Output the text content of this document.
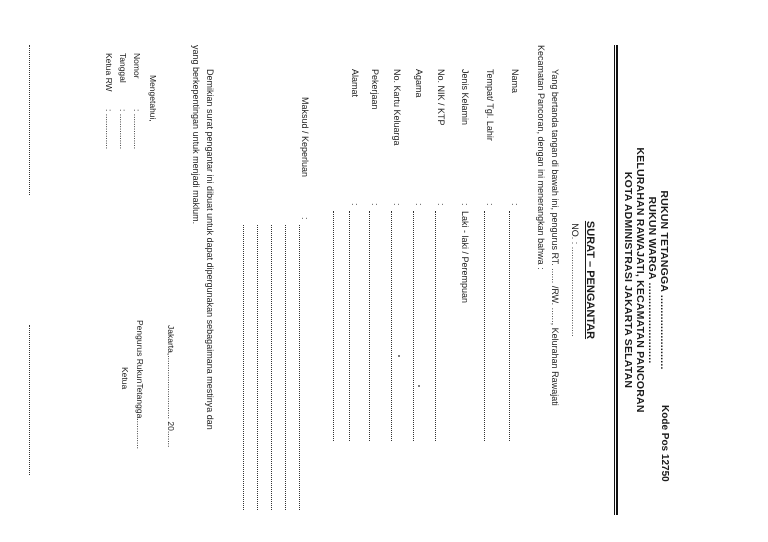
RUKUN TETANGGA ........................
RUKUN WARGA ..........................
KELURAHAN RAWAJATI, KECAMATAN PANCORAN
KOTA ADMINISTRASI JAKARTA SELATAN
Kode Pos 12750
SURAT – PENGANTAR
NO. : ....................................
Yang bertanda tangan di bawah ini, pengurus RT. ...... /RW. ......, Kelurahan Rawajati
Kecamatan Pancoran, dengan ini menerangkan bahwa :
Nama
:
Tempat/ Tgl. Lahir
:
Jenis Kelamin
:
Laki - laki / Perempuan
No. NIK / KTP
:
Agama
:
No. Kartu Keluarga
:
Pekerjaan
:
Alamat
:
Maksud / Keperluan
:
Demikian surat pengantar ini dibuat untuk dapat dipergunakan sebagaimana mestinya dan
yang berkepentingan untuk menjadi maklum.
Jakarta,........................... 20.......
Mengetahui,
Pengurus RukunTetangga.............
Ketua
Nomor
: ...............
Tanggal
: ...............
Ketua RW
: ...............
